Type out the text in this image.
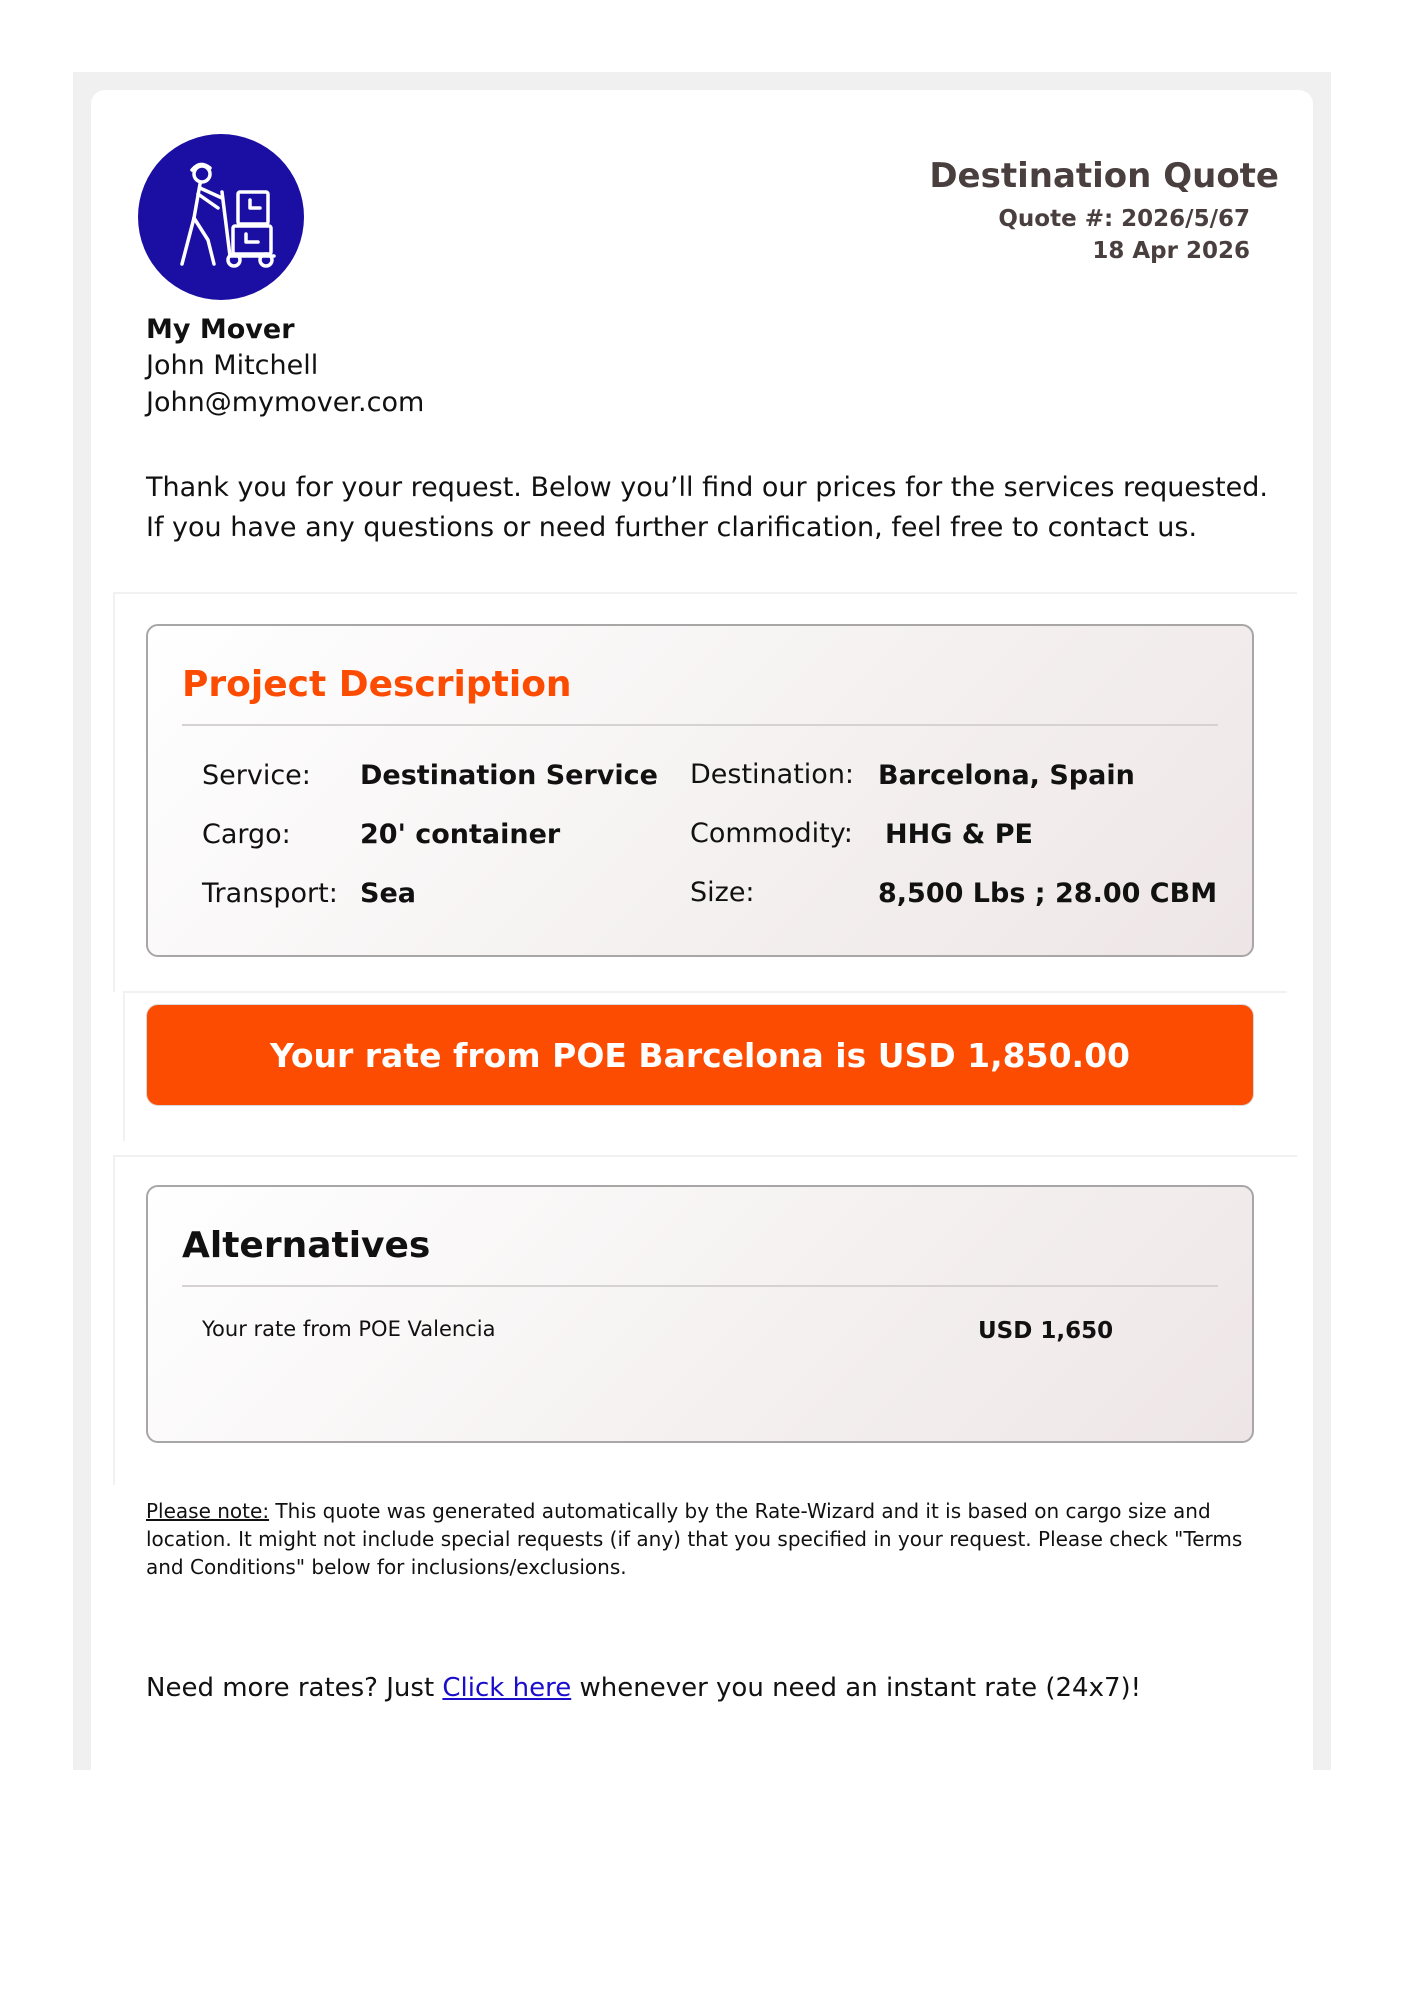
Destination Quote
Quote #: 2026/5/67
18 Apr 2026
My Mover
John Mitchell
John@mymover.com
Thank you for your request. Below you’ll find our prices for the services requested.
If you have any questions or need further clarification, feel free to contact us.
Project Description
Service: Destination Service
Cargo:	20' container
Transport: Sea
Destination: Barcelona, Spain
Commodity: HHG & PE
Size:	8,500 Lbs ; 28.00 CBM
Your rate from POE Barcelona is USD 1,850.00
Alternatives
Your rate from POE Valencia	USD 1,650
Please note: This quote was generated automatically by the Rate-Wizard and it is based on cargo size and location. It might not include special requests (if any) that you specified in your request. Please check "Terms and Conditions" below for inclusions/exclusions.
Need more rates? Just Click here whenever you need an instant rate (24x7)!
